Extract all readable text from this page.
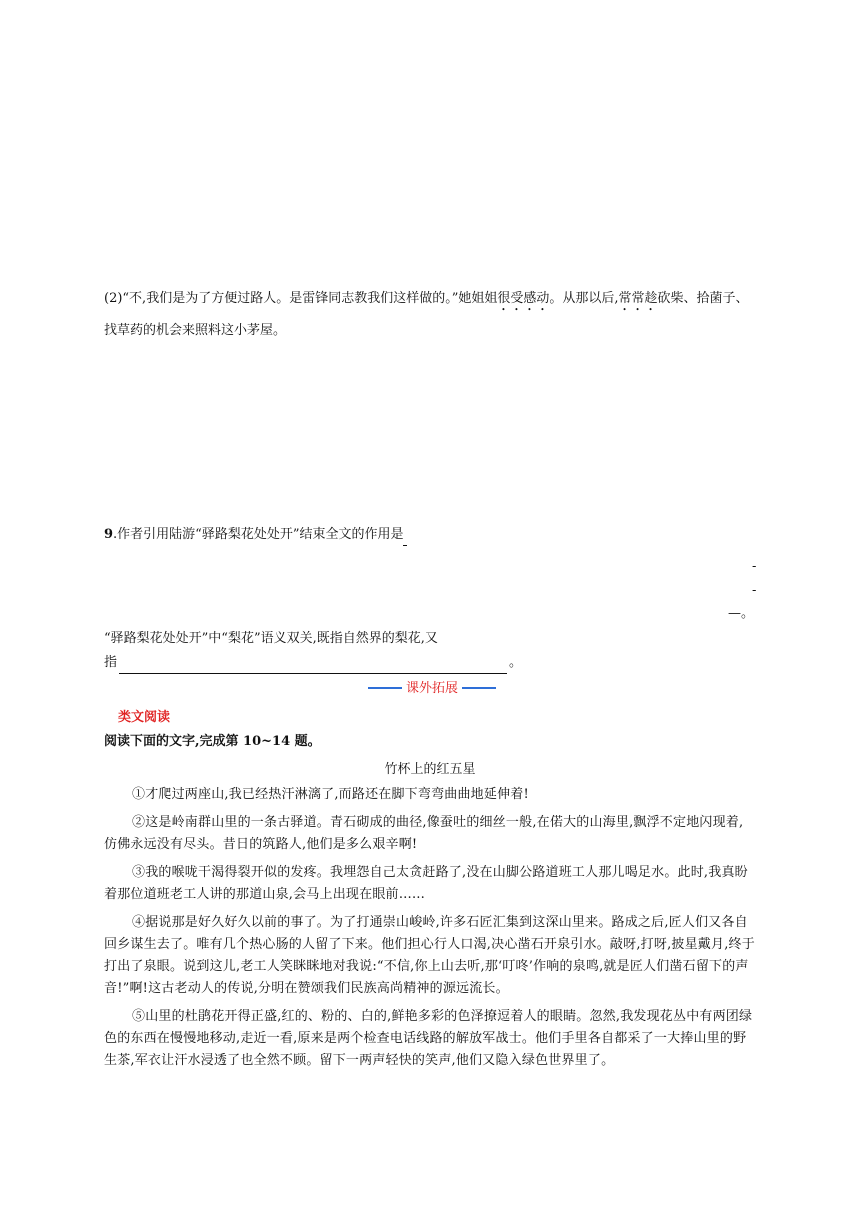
(2)“不,我们是为了方便过路人。是雷锋同志教我们这样做的。”她姐姐很受感动。从那以后,常常趁砍柴、拾菌子、
找草药的机会来照料这小茅屋。
9.作者引用陆游“驿路梨花处处开”结束全文的作用是
-
-
—。
“驿路梨花处处开”中“梨花”语义双关,既指自然界的梨花,又
指	。
课外拓展
类文阅读
阅读下面的文字,完成第 10~14 题。
竹杯上的红五星

①才爬过两座山,我已经热汗淋漓了,而路还在脚下弯弯曲曲地延伸着!

②这是岭南群山里的一条古驿道。青石砌成的曲径,像蚕吐的细丝一般,在偌大的山海里,飘浮不定地闪现着,仿佛永远没有尽头。昔日的筑路人,他们是多么艰辛啊!

③我的喉咙干渴得裂开似的发疼。我埋怨自己太贪赶路了,没在山脚公路道班工人那儿喝足水。此时,我真盼着那位道班老工人讲的那道山泉,会马上出现在眼前……

④据说那是好久好久以前的事了。为了打通崇山峻岭,许多石匠汇集到这深山里来。路成之后,匠人们又各自回乡谋生去了。唯有几个热心肠的人留了下来。他们担心行人口渴,决心凿石开泉引水。敲呀,打呀,披星戴月,终于打出了泉眼。说到这儿,老工人笑眯眯地对我说:“不信,你上山去听,那‘叮咚’作响的泉鸣,就是匠人们凿石留下的声音!”啊!这古老动人的传说,分明在赞颂我们民族高尚精神的源远流长。

⑤山里的杜鹃花开得正盛,红的、粉的、白的,鲜艳多彩的色泽撩逗着人的眼睛。忽然,我发现花丛中有两团绿色的东西在慢慢地移动,走近一看,原来是两个检查电话线路的解放军战士。他们手里各自都采了一大捧山里的野生茶,军衣让汗水浸透了也全然不顾。留下一两声轻快的笑声,他们又隐入绿色世界里了。
